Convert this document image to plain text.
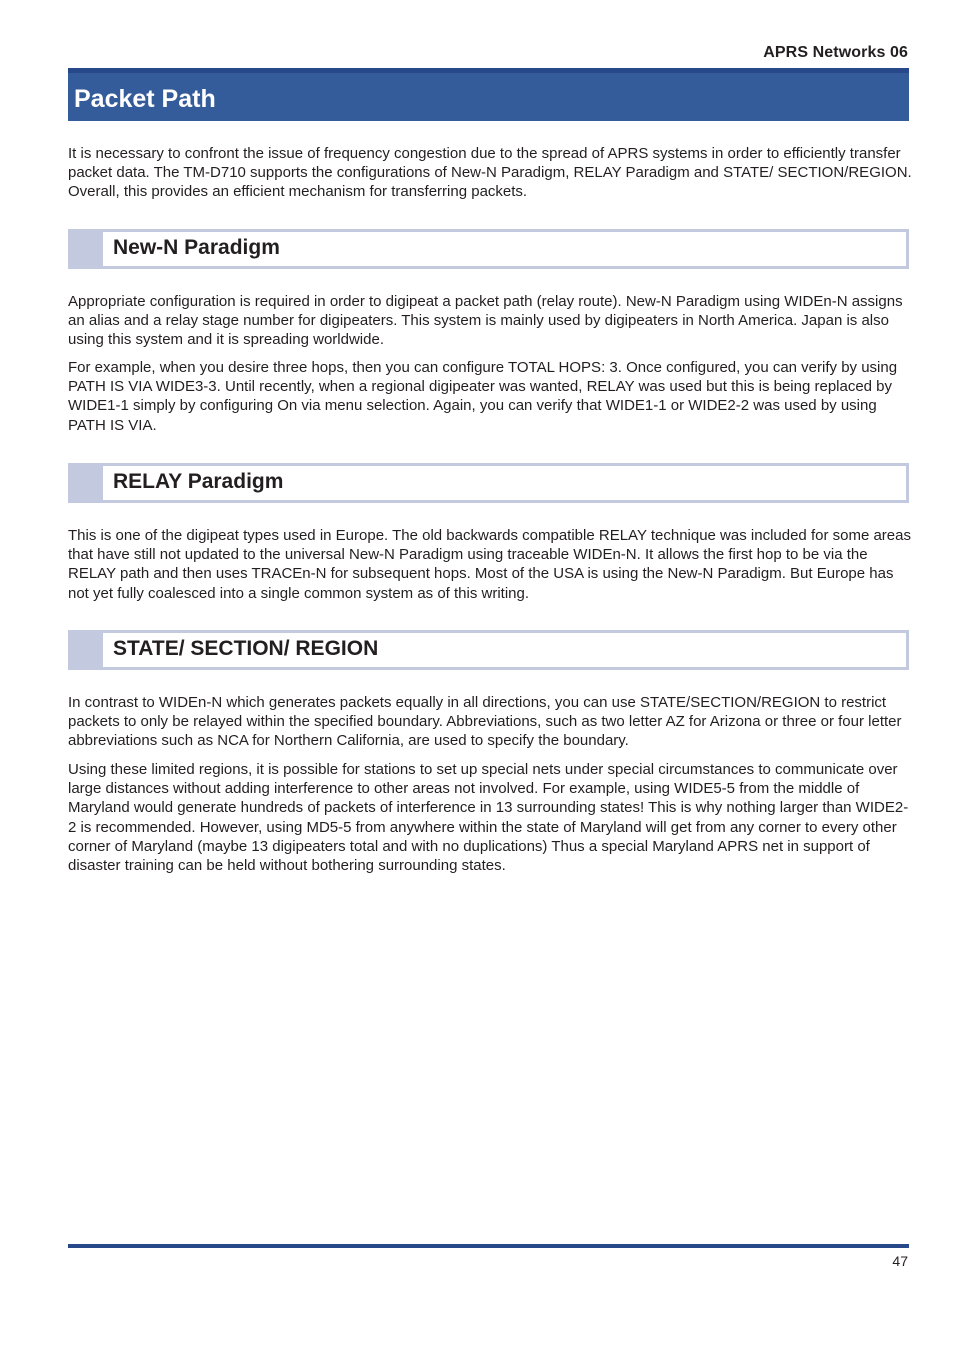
APRS Networks 06
Packet Path

It is necessary to confront the issue of frequency congestion due to the spread of APRS systems in order to efficiently transfer packet data. The TM-D710 supports the configurations of New-N Paradigm, RELAY Paradigm and STATE/ SECTION/REGION. Overall, this provides an efficient mechanism for transferring packets.

New-N Paradigm

Appropriate configuration is required in order to digipeat a packet path (relay route). New-N Paradigm using WIDEn-N assigns an alias and a relay stage number for digipeaters. This system is mainly used by digipeaters in North America. Japan is also using this system and it is spreading worldwide.

For example, when you desire three hops, then you can configure TOTAL HOPS: 3. Once configured, you can verify by using PATH IS VIA WIDE3-3. Until recently, when a regional digipeater was wanted, RELAY was used but this is being replaced by WIDE1-1 simply by configuring On via menu selection. Again, you can verify that WIDE1-1 or WIDE2-2 was used by using PATH IS VIA.

RELAY Paradigm

This is one of the digipeat types used in Europe. The old backwards compatible RELAY technique was included for some areas that have still not updated to the universal New-N Paradigm using traceable WIDEn-N. It allows the first hop to be via the RELAY path and then uses TRACEn-N for subsequent hops. Most of the USA is using the New-N Paradigm. But Europe has not yet fully coalesced into a single common system as of this writing.

STATE/ SECTION/ REGION

In contrast to WIDEn-N which generates packets equally in all directions, you can use STATE/SECTION/REGION to restrict packets to only be relayed within the specified boundary. Abbreviations, such as two letter AZ for Arizona or three or four letter abbreviations such as NCA for Northern California, are used to specify the boundary.

Using these limited regions, it is possible for stations to set up special nets under special circumstances to communicate over large distances without adding interference to other areas not involved. For example, using WIDE5-5 from the middle of Maryland would generate hundreds of packets of interference in 13 surrounding states! This is why nothing larger than WIDE2-2 is recommended. However, using MD5-5 from anywhere within the state of Maryland will get from any corner to every other corner of Maryland (maybe 13 digipeaters total and with no duplications) Thus a special Maryland APRS net in support of disaster training can be held without bothering surrounding states.

47
